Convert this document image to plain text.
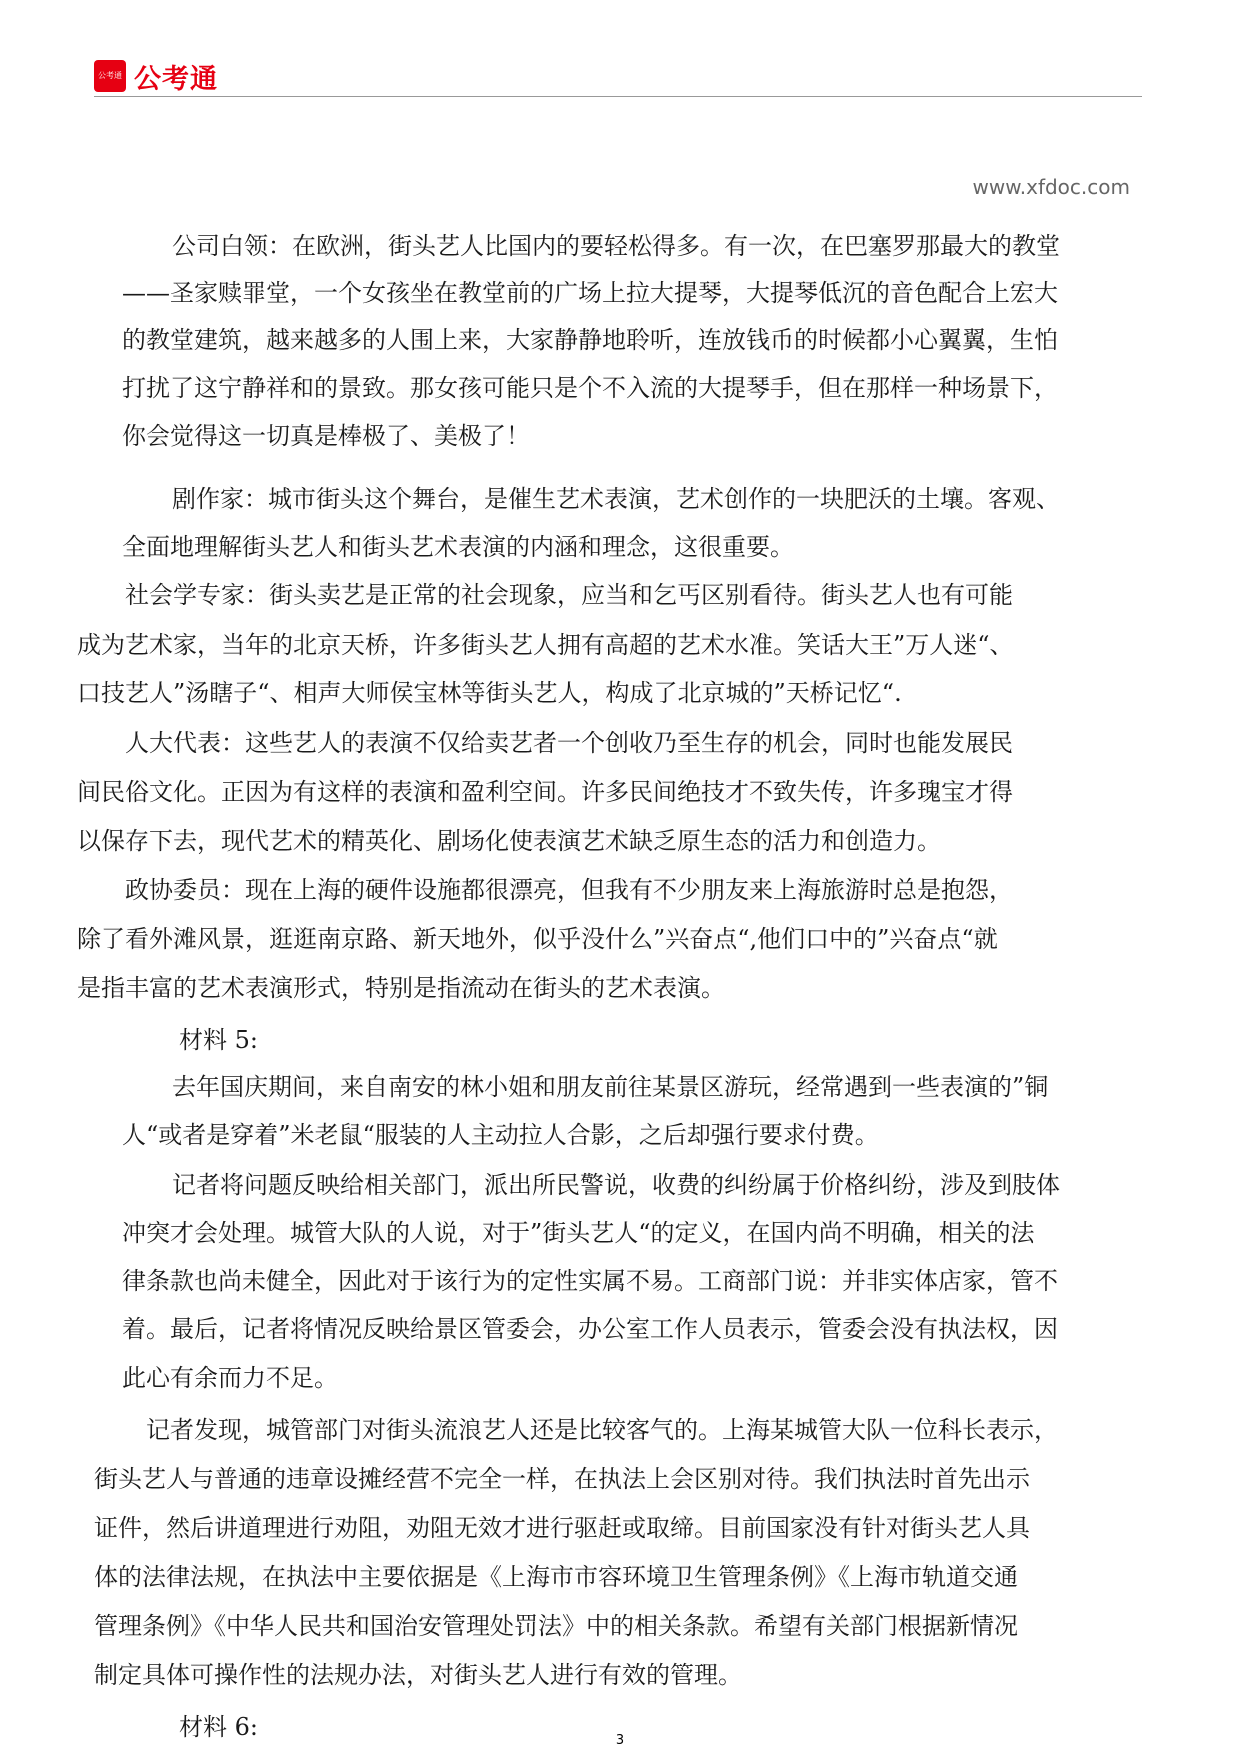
公考通 公考通
www.xfdoc.com
公司白领：在欧洲，街头艺人比国内的要轻松得多。有一次，在巴塞罗那最大的教堂
——圣家赎罪堂，一个女孩坐在教堂前的广场上拉大提琴，大提琴低沉的音色配合上宏大
的教堂建筑，越来越多的人围上来，大家静静地聆听，连放钱币的时候都小心翼翼，生怕
打扰了这宁静祥和的景致。那女孩可能只是个不入流的大提琴手，但在那样一种场景下，
你会觉得这一切真是棒极了、美极了！
剧作家：城市街头这个舞台，是催生艺术表演，艺术创作的一块肥沃的土壤。客观、
全面地理解街头艺人和街头艺术表演的内涵和理念，这很重要。
社会学专家：街头卖艺是正常的社会现象，应当和乞丐区别看待。街头艺人也有可能
成为艺术家，当年的北京天桥，许多街头艺人拥有高超的艺术水准。笑话大王”万人迷“、
口技艺人”汤瞎子“、相声大师侯宝林等街头艺人，构成了北京城的”天桥记忆“.
人大代表：这些艺人的表演不仅给卖艺者一个创收乃至生存的机会，同时也能发展民
间民俗文化。正因为有这样的表演和盈利空间。许多民间绝技才不致失传，许多瑰宝才得
以保存下去，现代艺术的精英化、剧场化使表演艺术缺乏原生态的活力和创造力。
政协委员：现在上海的硬件设施都很漂亮，但我有不少朋友来上海旅游时总是抱怨，
除了看外滩风景，逛逛南京路、新天地外，似乎没什么”兴奋点“,他们口中的”兴奋点“就
是指丰富的艺术表演形式，特别是指流动在街头的艺术表演。
材料 5:
去年国庆期间，来自南安的林小姐和朋友前往某景区游玩，经常遇到一些表演的”铜
人“或者是穿着”米老鼠“服装的人主动拉人合影，之后却强行要求付费。
记者将问题反映给相关部门，派出所民警说，收费的纠纷属于价格纠纷，涉及到肢体
冲突才会处理。城管大队的人说，对于”街头艺人“的定义，在国内尚不明确，相关的法
律条款也尚未健全，因此对于该行为的定性实属不易。工商部门说：并非实体店家，管不
着。最后，记者将情况反映给景区管委会，办公室工作人员表示，管委会没有执法权，因
此心有余而力不足。
记者发现，城管部门对街头流浪艺人还是比较客气的。上海某城管大队一位科长表示，
街头艺人与普通的违章设摊经营不完全一样，在执法上会区别对待。我们执法时首先出示
证件，然后讲道理进行劝阻，劝阻无效才进行驱赶或取缔。目前国家没有针对街头艺人具
体的法律法规，在执法中主要依据是《上海市市容环境卫生管理条例》《上海市轨道交通
管理条例》《中华人民共和国治安管理处罚法》中的相关条款。希望有关部门根据新情况
制定具体可操作性的法规办法，对街头艺人进行有效的管理。
材料 6:	3
